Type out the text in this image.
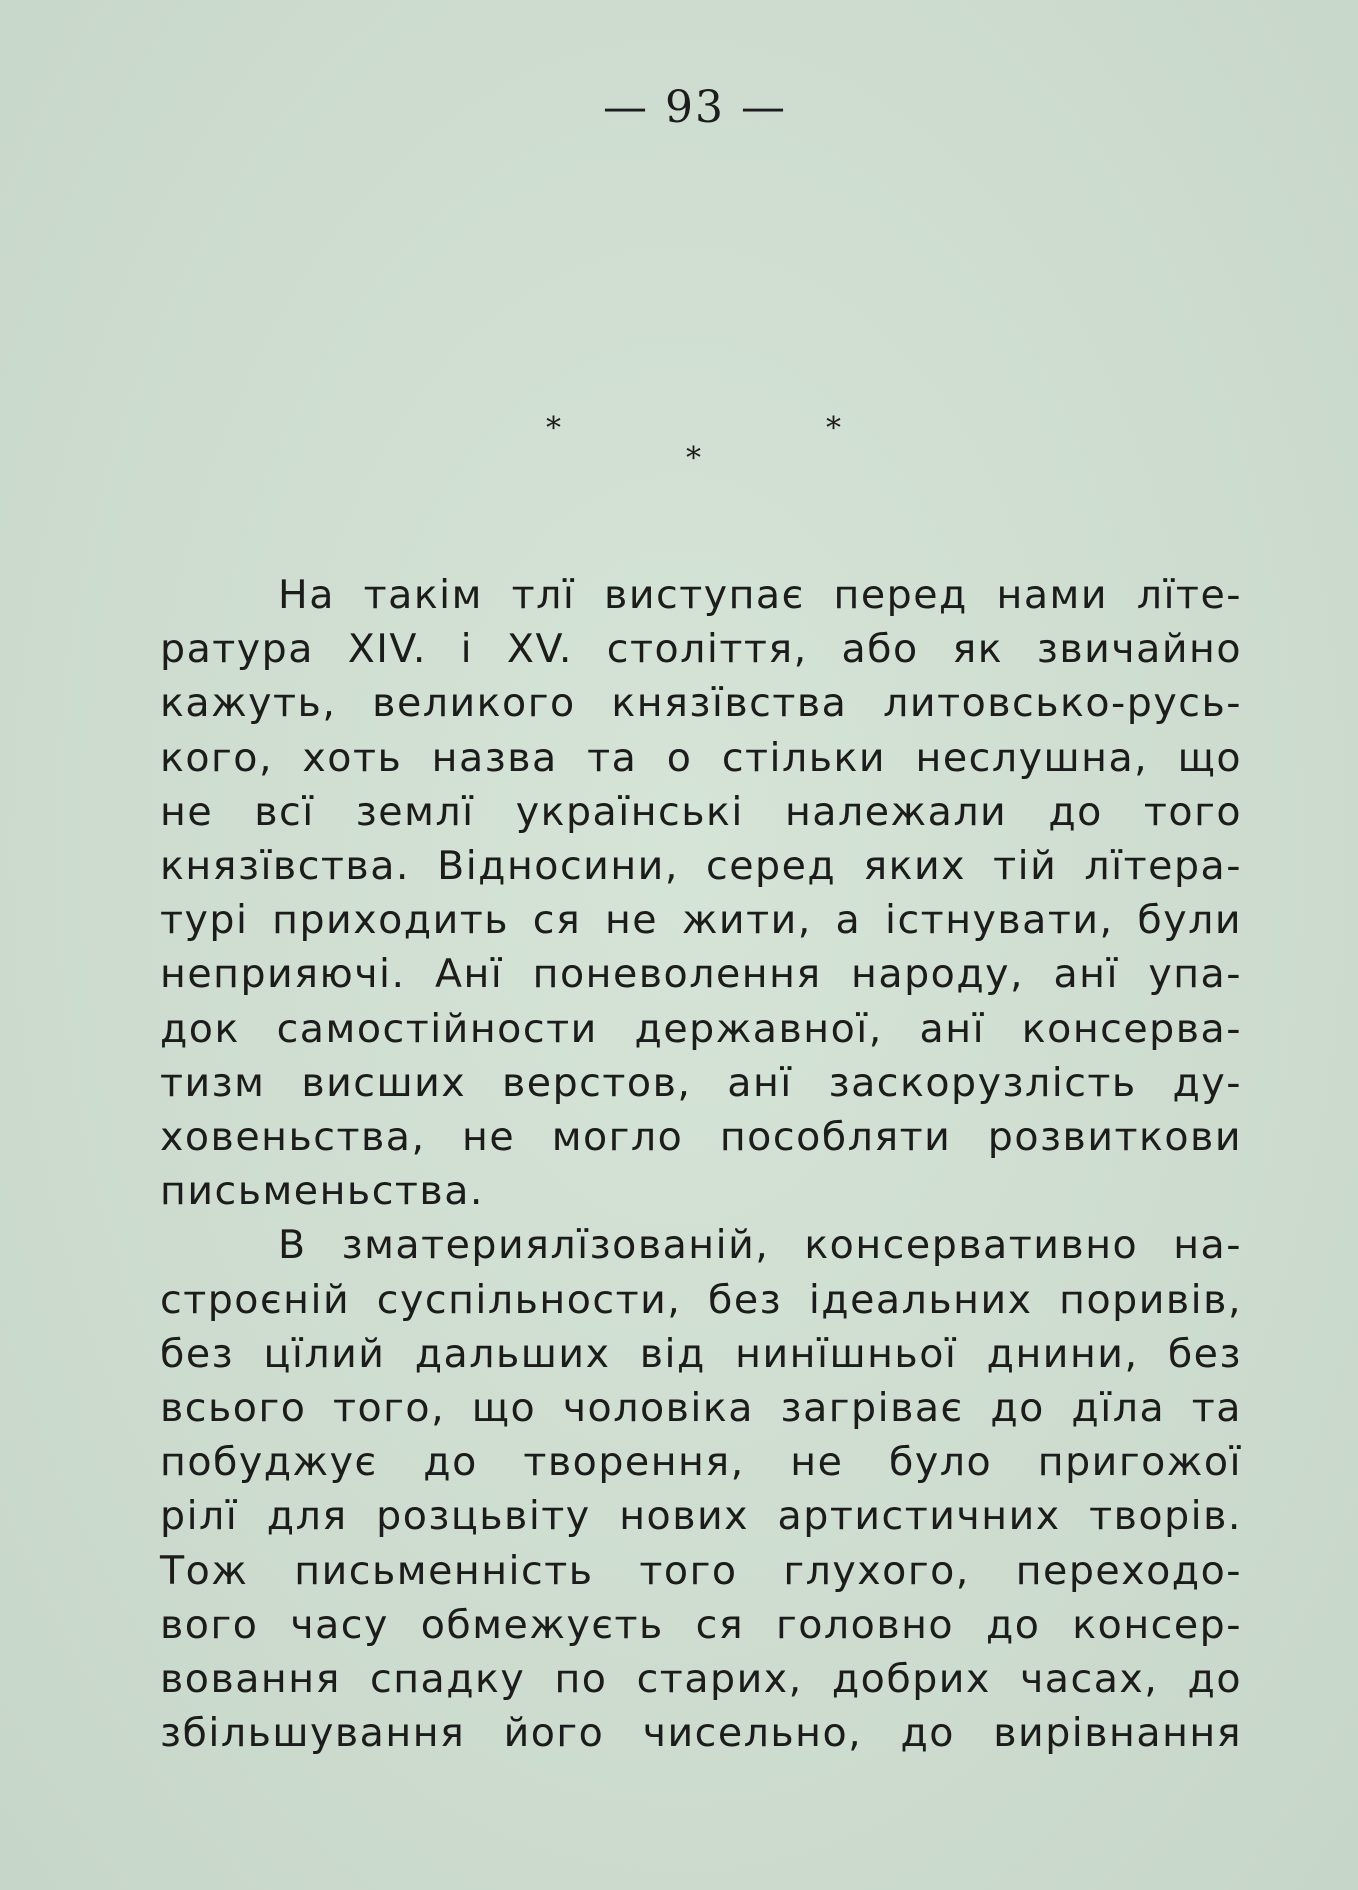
— 93 —
*	*
*
На такім тлї виступає перед нами лїте-
ратура XIV. і XV. століття, або як звичайно
кажуть, великого князївства литовсько-русь-
кого, хоть назва та о стільки неслушна, що
не всї землї українські належали до того
князївства. Відносини, серед яких тій лїтера-
турі приходить ся не жити, а істнувати, були
неприяючі. Анї поневолення народу, анї упа-
док самостійности державної, анї консерва-
тизм висших верстов, анї заскорузлість ду-
ховеньства, не могло пособляти розвиткови
письменьства.
В зматериялїзованій, консервативно на-
строєній суспільности, без ідеальних поривів,
без цїлий дальших від нинїшньої днини, без
всього того, що чоловіка загріває до дїла та
побуджує до творення, не було пригожої
рілї для розцьвіту нових артистичних творів.
Тож письменність того глухого, переходо-
вого часу обмежуєть ся головно до консер-
вовання спадку по старих, добрих часах, до
збільшування його чисельно, до вирівнання
